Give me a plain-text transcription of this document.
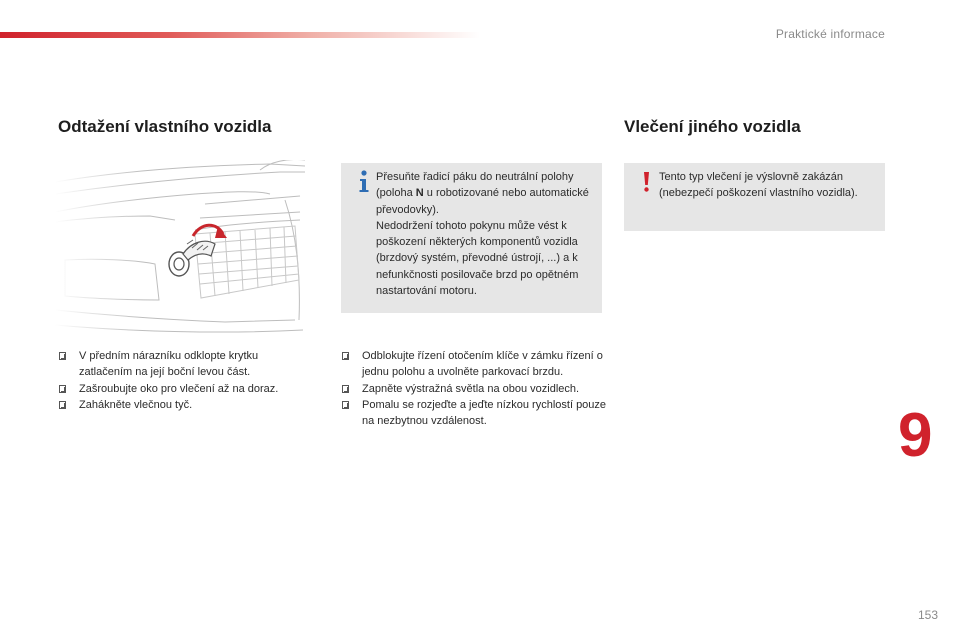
Praktické informace
Odtažení vlastního vozidla	Vlečení jiného vozidla

Přesuňte řadicí páku do neutrální polohy (poloha N u robotizované nebo automatické převodovky).

Nedodržení tohoto pokynu může vést k poškození některých komponentů vozidla (brzdový systém, převodné ústrojí, ...) a k nefunkčnosti posilovače brzd po opětném nastartování motoru.

Tento typ vlečení je výslovně zakázán (nebezpečí poškození vlastního vozidla).
V předním nárazníku odklopte krytku zatlačením na její boční levou část.
Zašroubujte oko pro vlečení až na doraz.
Zahákněte vlečnou tyč.
Odblokujte řízení otočením klíče v zámku řízení o jednu polohu a uvolněte parkovací brzdu.
Zapněte výstražná světla na obou vozidlech.
Pomalu se rozjeďte a jeďte nízkou rychlostí pouze na nezbytnou vzdálenost.	9
153
